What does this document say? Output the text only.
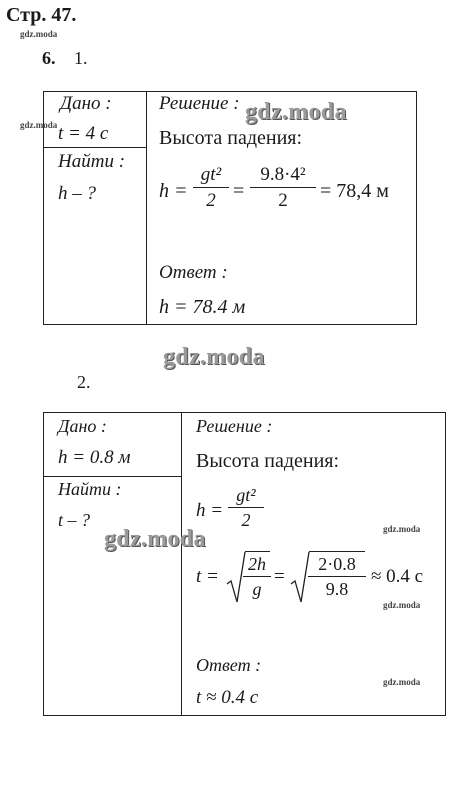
Стр. 47.
gdz.moda
6. 1.
Дано :
t = 4 с
Найти :
h – ?
Решение :
Высота падения:
$h = \frac{\text{gt²}}{2} = \frac{\text{9.8·4²}}{2} = 78,4$ м
Ответ :
h = 78.4 м
gdz.moda
gdz.moda
gdz.moda
2.
Дано :
h = 0.8 м
Найти :
t – ?
Решение :
Высота падения:
$h = \frac{\text{gt²}}{2}$
$t = \frac{2h}{g} = \frac{2\cdot 0.8}{9.8} \approx 0.4$ с
Ответ :
t ≈ 0.4 с
gdz.moda	gdz.moda
gdz.moda
gdz.moda
